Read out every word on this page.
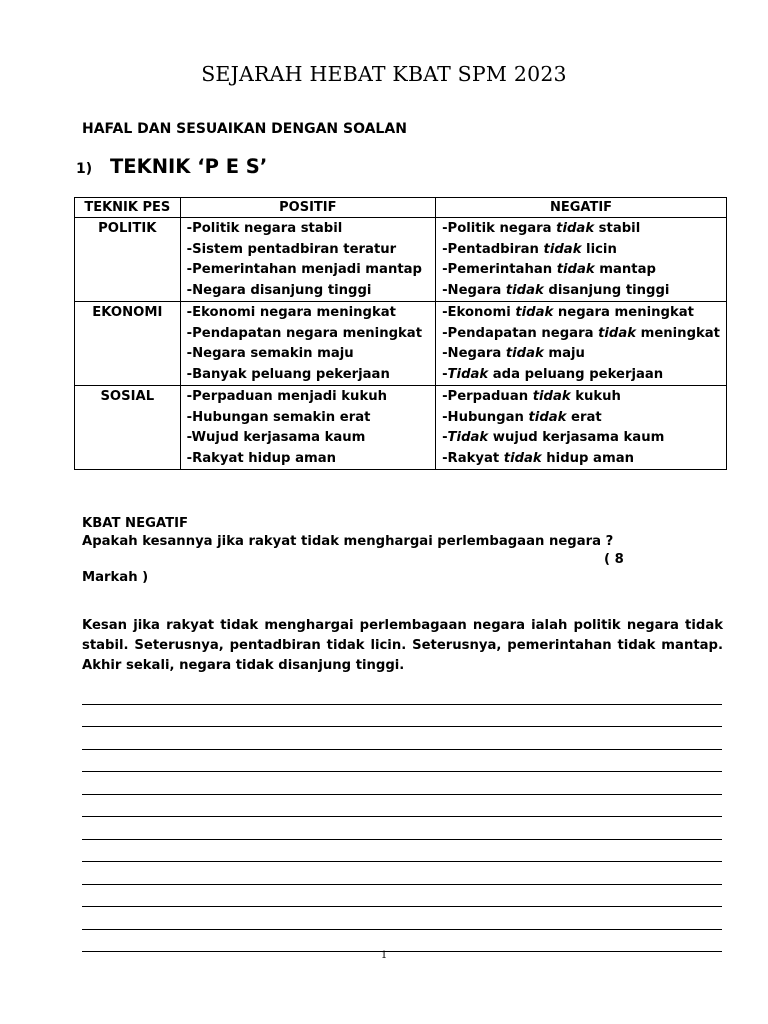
SEJARAH HEBAT KBAT SPM 2023
HAFAL DAN SESUAIKAN DENGAN SOALAN
1) TEKNIK ‘P E S’
TEKNIK PES	POSITIF	NEGATIF
POLITIK	-Politik negara stabil
-Sistem pentadbiran teratur
-Pemerintahan menjadi mantap
-Negara disanjung tinggi	-Politik negara tidak stabil
-Pentadbiran tidak licin
-Pemerintahan tidak mantap
-Negara tidak disanjung tinggi

EKONOMI	-Ekonomi negara meningkat
-Pendapatan negara meningkat
-Negara semakin maju
-Banyak peluang pekerjaan	-Ekonomi tidak negara meningkat
-Pendapatan negara tidak meningkat
-Negara tidak maju
-Tidak ada peluang pekerjaan

SOSIAL	-Perpaduan menjadi kukuh
-Hubungan semakin erat
-Wujud kerjasama kaum
-Rakyat hidup aman	-Perpaduan tidak kukuh
-Hubungan tidak erat
-Tidak wujud kerjasama kaum
-Rakyat tidak hidup aman
KBAT NEGATIF
Apakah kesannya jika rakyat tidak menghargai perlembagaan negara ?
( 8
Markah )
Kesan jika rakyat tidak menghargai perlembagaan negara ialah politik negara tidak stabil. Seterusnya, pentadbiran tidak licin. Seterusnya, pemerintahan tidak mantap. Akhir sekali, negara tidak disanjung tinggi.
1
